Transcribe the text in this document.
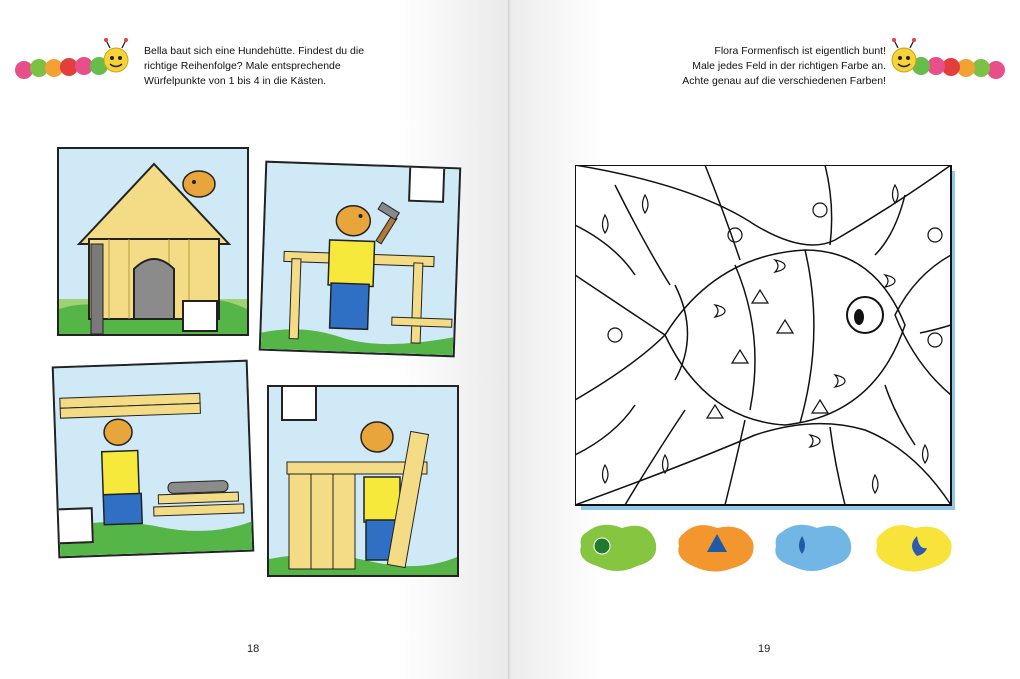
Bella baut sich eine Hundehütte. Findest du die
richtige Reihenfolge? Male entsprechende
Würfelpunkte von 1 bis 4 in die Kästen.

18

Flora Formenfisch ist eigentlich bunt!
Male jedes Feld in der richtigen Farbe an.
Achte genau auf die verschiedenen Farben!

19
